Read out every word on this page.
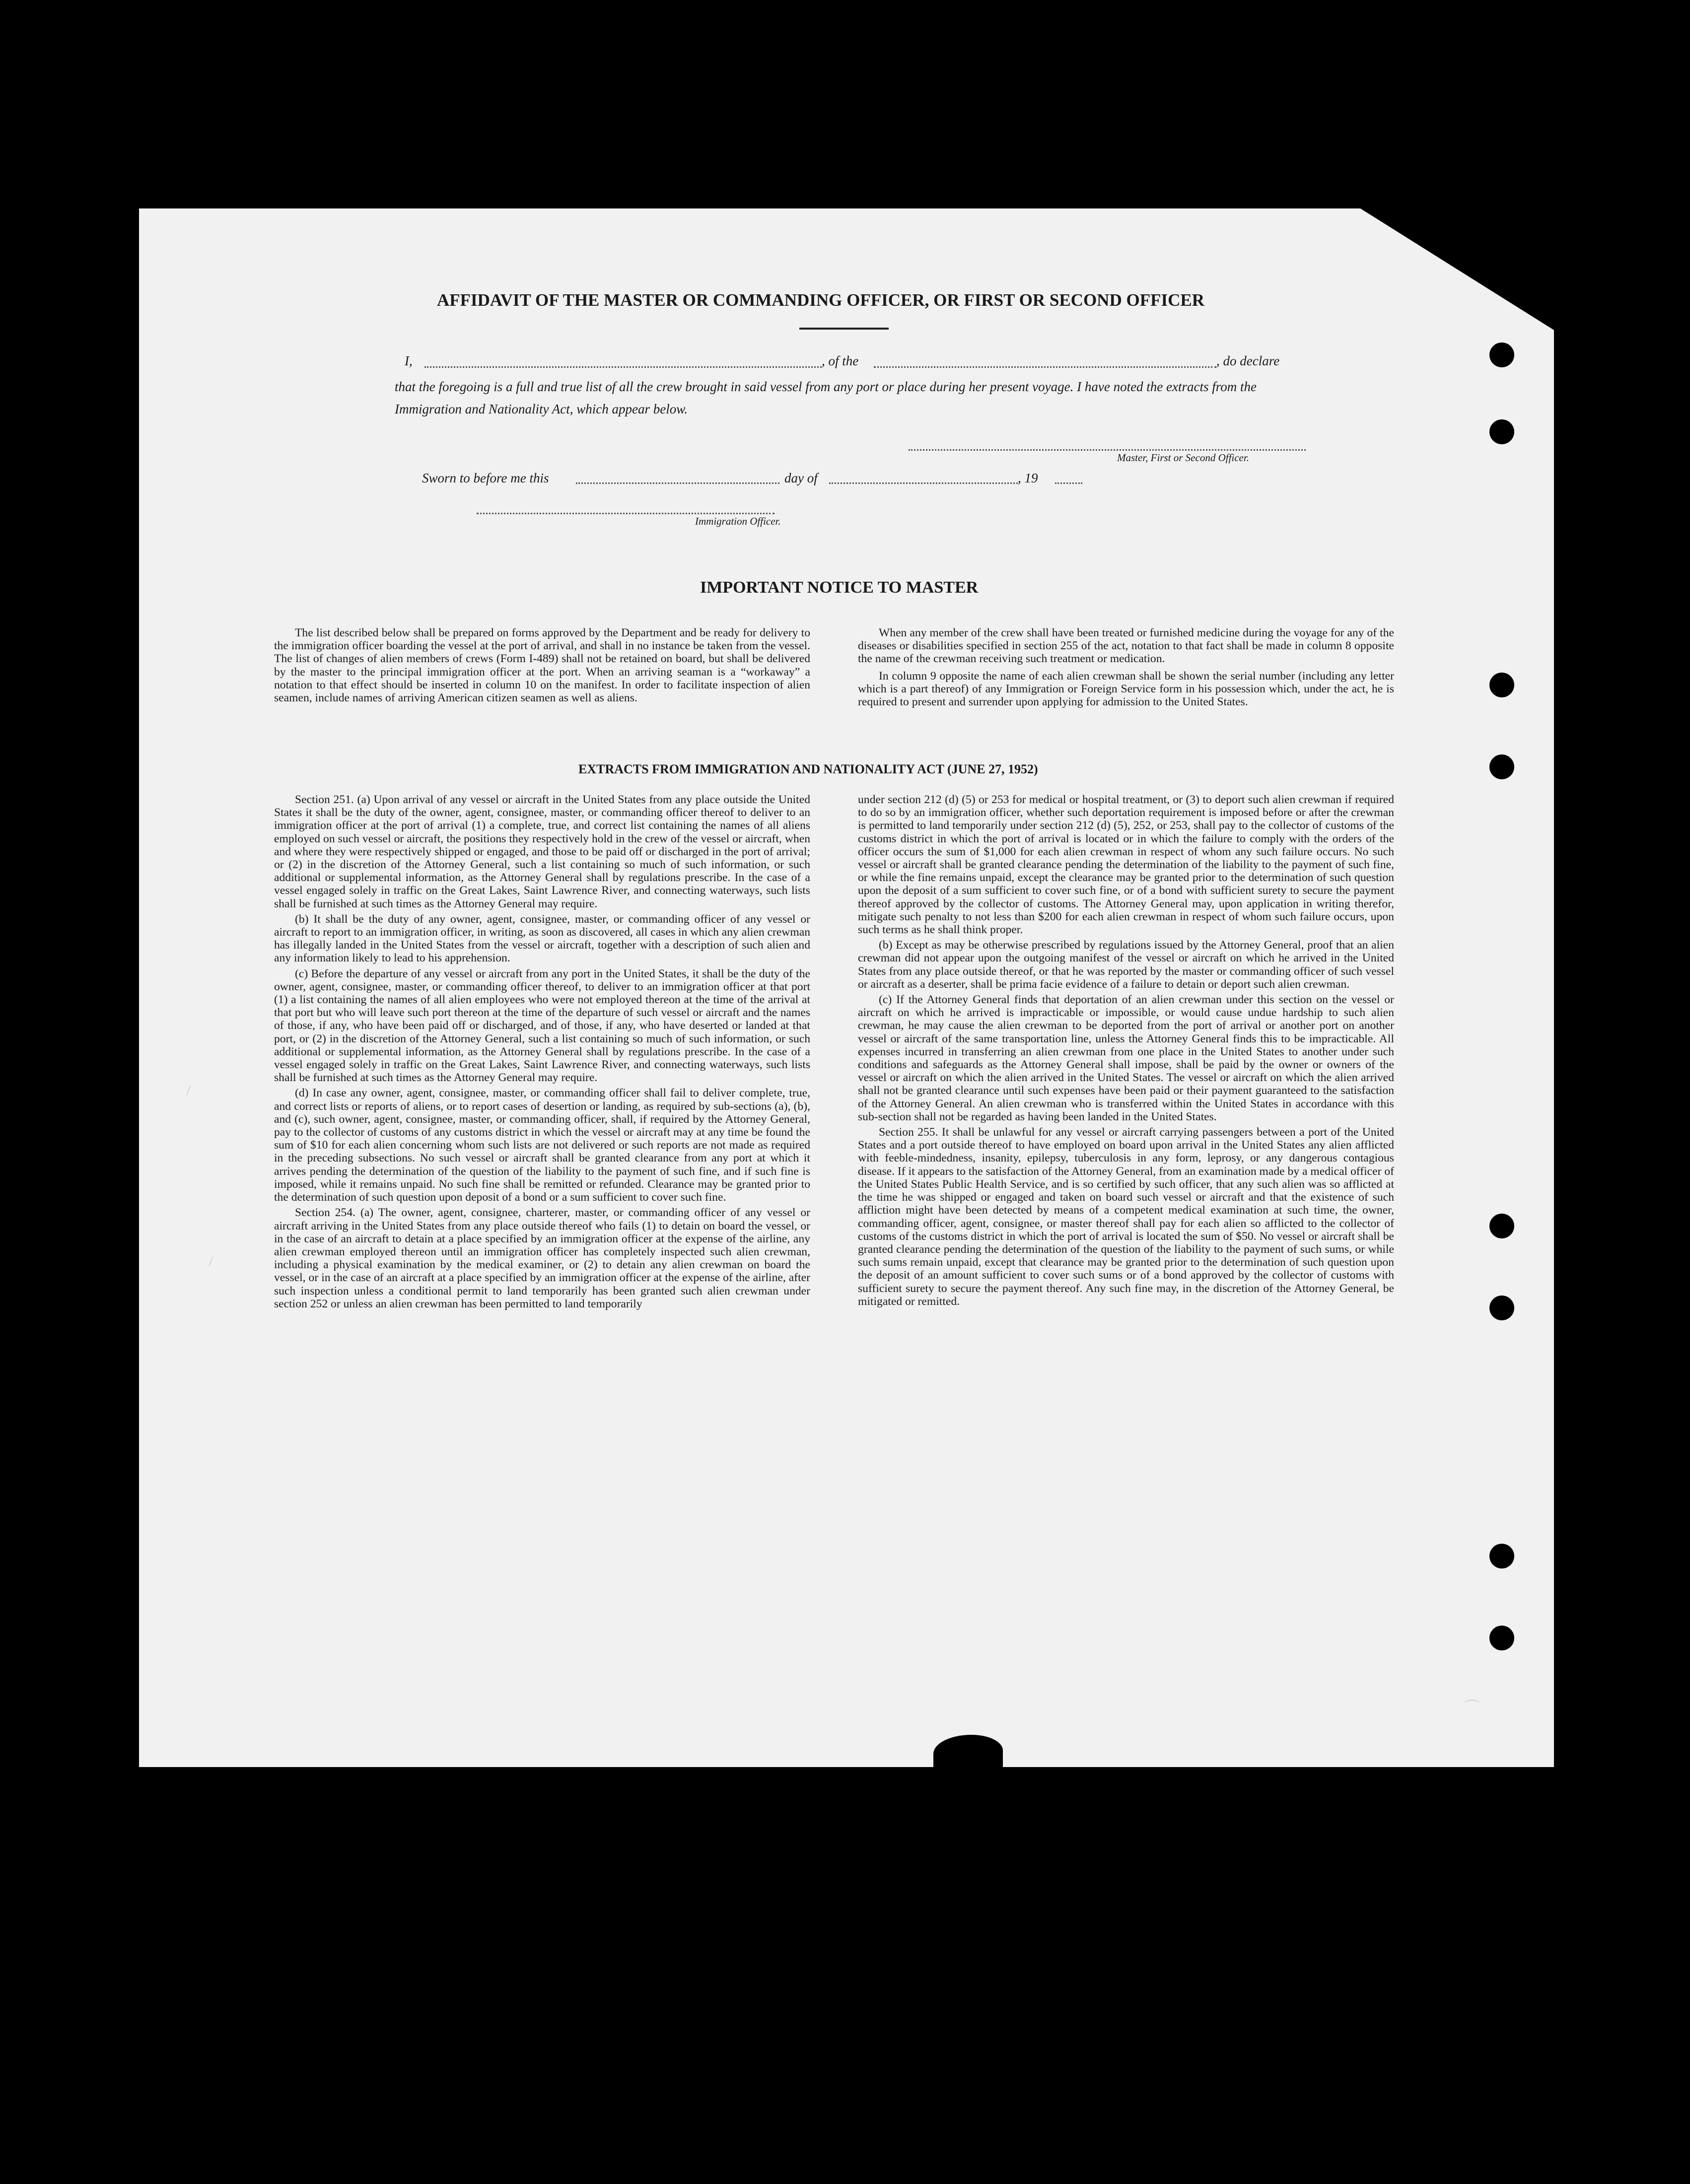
AFFIDAVIT OF THE MASTER OR COMMANDING OFFICER, OR FIRST OR SECOND OFFICER
I,	, of the	, do declare
that the foregoing is a full and true list of all the crew brought in said vessel from any port or place during her present voyage. I have noted the extracts from the Immigration and Nationality Act, which appear below.
Master, First or Second Officer.
Sworn to before me this	day of	, 19
Immigration Officer.
IMPORTANT NOTICE TO MASTER

The list described below shall be prepared on forms approved by the Department and be ready for delivery to the immigration officer boarding the vessel at the port of arrival, and shall in no instance be taken from the vessel. The list of changes of alien members of crews (Form I-489) shall not be retained on board, but shall be delivered by the master to the principal immigration officer at the port. When an arriving seaman is a “workaway” a notation to that effect should be inserted in column 10 on the manifest. In order to facilitate inspection of alien seamen, include names of arriving American citizen seamen as well as aliens.

When any member of the crew shall have been treated or furnished medicine during the voyage for any of the diseases or disabilities specified in section 255 of the act, notation to that fact shall be made in column 8 opposite the name of the crewman receiving such treatment or medication.

In column 9 opposite the name of each alien crewman shall be shown the serial number (including any letter which is a part thereof) of any Immigration or Foreign Service form in his possession which, under the act, he is required to present and surrender upon applying for admission to the United States.

EXTRACTS FROM IMMIGRATION AND NATIONALITY ACT (JUNE 27, 1952)

Section 251. (a) Upon arrival of any vessel or aircraft in the United States from any place outside the United States it shall be the duty of the owner, agent, consignee, master, or commanding officer thereof to deliver to an immigration officer at the port of arrival (1) a complete, true, and correct list containing the names of all aliens employed on such vessel or aircraft, the positions they respectively hold in the crew of the vessel or aircraft, when and where they were respectively shipped or engaged, and those to be paid off or discharged in the port of arrival; or (2) in the discretion of the Attorney General, such a list containing so much of such information, or such additional or supplemental information, as the Attorney General shall by regulations prescribe. In the case of a vessel engaged solely in traffic on the Great Lakes, Saint Lawrence River, and connecting waterways, such lists shall be furnished at such times as the Attorney General may require.

(b) It shall be the duty of any owner, agent, consignee, master, or commanding officer of any vessel or aircraft to report to an immigration officer, in writing, as soon as discovered, all cases in which any alien crewman has illegally landed in the United States from the vessel or aircraft, together with a description of such alien and any information likely to lead to his apprehension.

(c) Before the departure of any vessel or aircraft from any port in the United States, it shall be the duty of the owner, agent, consignee, master, or commanding officer thereof, to deliver to an immigration officer at that port (1) a list containing the names of all alien employees who were not employed thereon at the time of the arrival at that port but who will leave such port thereon at the time of the departure of such vessel or aircraft and the names of those, if any, who have been paid off or discharged, and of those, if any, who have deserted or landed at that port, or (2) in the discretion of the Attorney General, such a list containing so much of such information, or such additional or supplemental information, as the Attorney General shall by regulations prescribe. In the case of a vessel engaged solely in traffic on the Great Lakes, Saint Lawrence River, and connecting waterways, such lists shall be furnished at such times as the Attorney General may require.

(d) In case any owner, agent, consignee, master, or commanding officer shall fail to deliver complete, true, and correct lists or reports of aliens, or to report cases of desertion or landing, as required by sub-sections (a), (b), and (c), such owner, agent, consignee, master, or commanding officer, shall, if required by the Attorney General, pay to the collector of customs of any customs district in which the vessel or aircraft may at any time be found the sum of $10 for each alien concerning whom such lists are not delivered or such reports are not made as required in the preceding subsections. No such vessel or aircraft shall be granted clearance from any port at which it arrives pending the determination of the question of the liability to the payment of such fine, and if such fine is imposed, while it remains unpaid. No such fine shall be remitted or refunded. Clearance may be granted prior to the determination of such question upon deposit of a bond or a sum sufficient to cover such fine.

Section 254. (a) The owner, agent, consignee, charterer, master, or commanding officer of any vessel or aircraft arriving in the United States from any place outside thereof who fails (1) to detain on board the vessel, or in the case of an aircraft to detain at a place specified by an immigration officer at the expense of the airline, any alien crewman employed thereon until an immigration officer has completely inspected such alien crewman, including a physical examination by the medical examiner, or (2) to detain any alien crewman on board the vessel, or in the case of an aircraft at a place specified by an immigration officer at the expense of the airline, after such inspection unless a conditional permit to land temporarily has been granted such alien crewman under section 252 or unless an alien crewman has been permitted to land temporarily

under section 212 (d) (5) or 253 for medical or hospital treatment, or (3) to deport such alien crewman if required to do so by an immigration officer, whether such deportation requirement is imposed before or after the crewman is permitted to land temporarily under section 212 (d) (5), 252, or 253, shall pay to the collector of customs of the customs district in which the port of arrival is located or in which the failure to comply with the orders of the officer occurs the sum of $1,000 for each alien crewman in respect of whom any such failure occurs. No such vessel or aircraft shall be granted clearance pending the determination of the liability to the payment of such fine, or while the fine remains unpaid, except the clearance may be granted prior to the determination of such question upon the deposit of a sum sufficient to cover such fine, or of a bond with sufficient surety to secure the payment thereof approved by the collector of customs. The Attorney General may, upon application in writing therefor, mitigate such penalty to not less than $200 for each alien crewman in respect of whom such failure occurs, upon such terms as he shall think proper.

(b) Except as may be otherwise prescribed by regulations issued by the Attorney General, proof that an alien crewman did not appear upon the outgoing manifest of the vessel or aircraft on which he arrived in the United States from any place outside thereof, or that he was reported by the master or commanding officer of such vessel or aircraft as a deserter, shall be prima facie evidence of a failure to detain or deport such alien crewman.

(c) If the Attorney General finds that deportation of an alien crewman under this section on the vessel or aircraft on which he arrived is impracticable or impossible, or would cause undue hardship to such alien crewman, he may cause the alien crewman to be deported from the port of arrival or another port on another vessel or aircraft of the same transportation line, unless the Attorney General finds this to be impracticable. All expenses incurred in transferring an alien crewman from one place in the United States to another under such conditions and safeguards as the Attorney General shall impose, shall be paid by the owner or owners of the vessel or aircraft on which the alien arrived in the United States. The vessel or aircraft on which the alien arrived shall not be granted clearance until such expenses have been paid or their payment guaranteed to the satisfaction of the Attorney General. An alien crewman who is transferred within the United States in accordance with this sub-section shall not be regarded as having been landed in the United States.

Section 255. It shall be unlawful for any vessel or aircraft carrying passengers between a port of the United States and a port outside thereof to have employed on board upon arrival in the United States any alien afflicted with feeble-mindedness, insanity, epilepsy, tuberculosis in any form, leprosy, or any dangerous contagious disease. If it appears to the satisfaction of the Attorney General, from an examination made by a medical officer of the United States Public Health Service, and is so certified by such officer, that any such alien was so afflicted at the time he was shipped or engaged and taken on board such vessel or aircraft and that the existence of such affliction might have been detected by means of a competent medical examination at such time, the owner, commanding officer, agent, consignee, or master thereof shall pay for each alien so afflicted to the collector of customs of the customs district in which the port of arrival is located the sum of $50. No vessel or aircraft shall be granted clearance pending the determination of the question of the liability to the payment of such sums, or while such sums remain unpaid, except that clearance may be granted prior to the determination of such question upon the deposit of an amount sufficient to cover such sums or of a bond approved by the collector of customs with sufficient surety to secure the payment thereof. Any such fine may, in the discretion of the Attorney General, be mitigated or remitted.

\
\
⌒
